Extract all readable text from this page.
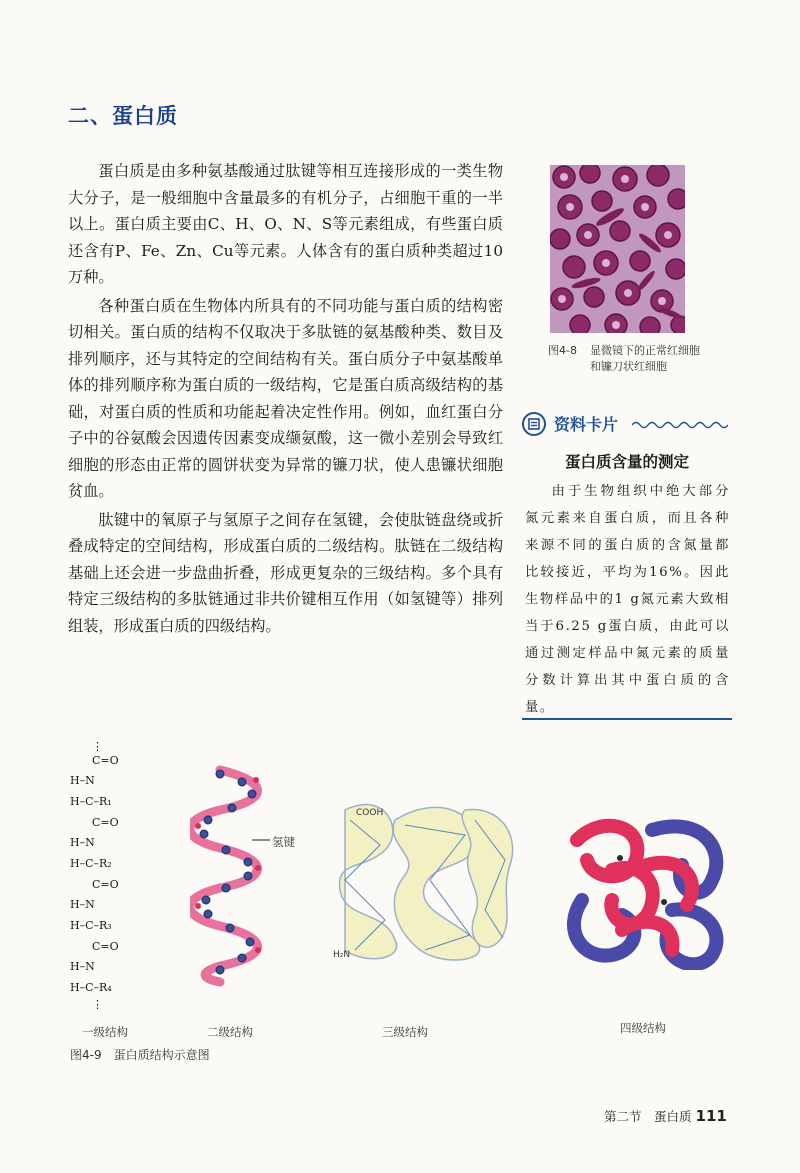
二、蛋白质

蛋白质是由多种氨基酸通过肽键等相互连接形成的一类生物大分子，是一般细胞中含量最多的有机分子，占细胞干重的一半以上。蛋白质主要由C、H、O、N、S等元素组成，有些蛋白质还含有P、Fe、Zn、Cu等元素。人体含有的蛋白质种类超过10万种。

各种蛋白质在生物体内所具有的不同功能与蛋白质的结构密切相关。蛋白质的结构不仅取决于多肽链的氨基酸种类、数目及排列顺序，还与其特定的空间结构有关。蛋白质分子中氨基酸单体的排列顺序称为蛋白质的一级结构，它是蛋白质高级结构的基础，对蛋白质的性质和功能起着决定性作用。例如，血红蛋白分子中的谷氨酸会因遗传因素变成缬氨酸，这一微小差别会导致红细胞的形态由正常的圆饼状变为异常的镰刀状，使人患镰状细胞贫血。

肽键中的氧原子与氢原子之间存在氢键，会使肽链盘绕或折叠成特定的空间结构，形成蛋白质的二级结构。肽链在二级结构基础上还会进一步盘曲折叠，形成更复杂的三级结构。多个具有特定三级结构的多肽链通过非共价键相互作用（如氢键等）排列组装，形成蛋白质的四级结构。

图4-8 显微镜下的正常红细胞和镰刀状红细胞
资料卡片
蛋白质含量的测定
由于生物组织中绝大部分氮元素来自蛋白质，而且各种来源不同的蛋白质的含氮量都比较接近，平均为16%。因此生物样品中的1 g氮元素大致相当于6.25 g蛋白质，由此可以通过测定样品中氮元素的质量分数计算出其中蛋白质的含量。
⋮
C=O
H–N
H–C–R₁
C=O
H–N
H–C–R₂
C=O
H–N
H–C–R₃
C=O
H–N
H–C–R₄
⋮
氢键
COOH
H₂N
一级结构	二级结构	三级结构	四级结构
图4-9　蛋白质结构示意图
第二节　蛋白质 111
